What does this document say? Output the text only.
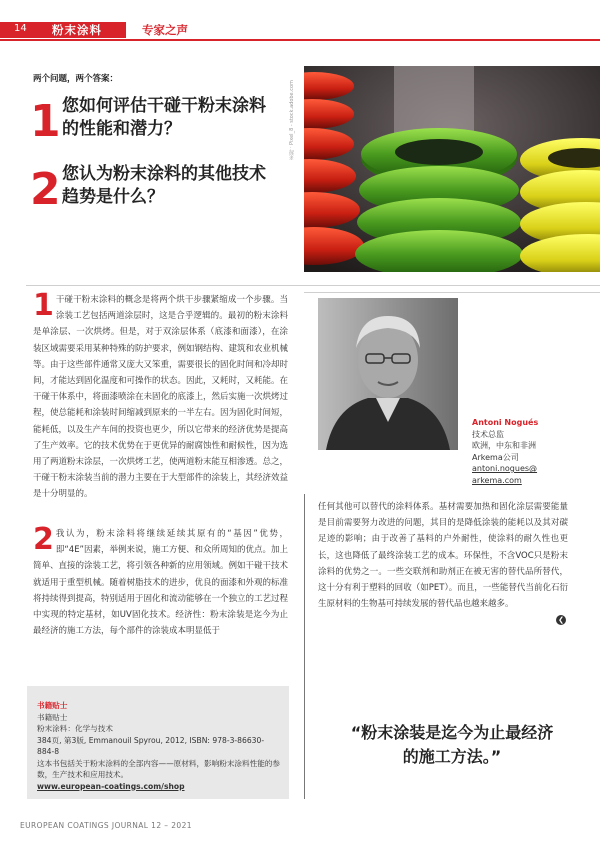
14 粉末涂料	专家之声
两个问题，两个答案：
1 您如何评估干碰干粉末涂料
的性能和潜力？
2 您认为粉末涂料的其他技术
趋势是什么？
来源：Pixel_8 - stock.adobe.com
1 干碰干粉末涂料的概念是将两个烘干步骤紧缩成一个步骤。当涂装工艺包括两道涂层时，这是合乎逻辑的。最初的粉末涂料是单涂层、一次烘烤。但是，对于双涂层体系（底漆和面漆），在涂装区域需要采用某种特殊的防护要求，例如钢结构、建筑和农业机械等。由于这些部件通常又庞大又笨重，需要很长的固化时间和冷却时间，才能达到固化温度和可操作的状态。因此，又耗时，又耗能。在干碰干体系中，将面漆喷涂在未固化的底漆上，然后实施一次烘烤过程，使总能耗和涂装时间缩减到原来的一半左右。因为固化时间短，能耗低，以及生产车间的投资也更少，所以它带来的经济优势是提高了生产效率。它的技术优势在于更优异的耐腐蚀性和耐候性，因为选用了两道粉末涂层，一次烘烤工艺，使两道粉末能互相渗透。总之，干碰干粉末涂装当前的潜力主要在于大型部件的涂装上，其经济效益是十分明显的。
2 我认为，粉末涂料将继续延续其原有的“基因”优势，即“4E”因素，举例来说，施工方便、和众所周知的优点。加上简单、直接的涂装工艺，将引领各种新的应用领域。例如干碰干技术就适用于重型机械。随着树脂技术的进步，优良的面漆和外观的标准将持续得到提高，特别适用于固化和流动能够在一个独立的工艺过程中实现的特定基材，如UV固化技术。经济性：粉末涂装是迄今为止最经济的施工方法，每个部件的涂装成本明显低于
Antoni Nogués
技术总监
欧洲，中东和非洲
Arkema公司
antoni.nogues@
arkema.com
任何其他可以替代的涂料体系。基材需要加热和固化涂层需要能量是目前需要努力改进的问题，其目的是降低涂装的能耗以及其对碳足迹的影响；由于改善了基料的户外耐性，使涂料的耐久性也更长，这也降低了最终涂装工艺的成本。环保性，不含VOC只是粉末涂料的优势之一。一些交联剂和助剂正在被无害的替代品所替代，这十分有利于塑料的回收（如PET）。而且，一些能替代当前化石衍生原材料的生物基可持续发展的替代品也越来越多。
❮
书籍贴士
书籍贴士
粉末涂料：化学与技术
384页, 第3版, Emmanouil Spyrou, 2012, ISBN: 978-3-86630-884-8
这本书包括关于粉末涂料的全部内容——原材料，影响粉末涂料性能的参数，生产技术和应用技术。
www.european-coatings.com/shop
“粉末涂装是迄今为止最经济
的施工方法。”
EUROPEAN COATINGS JOURNAL 12 – 2021
